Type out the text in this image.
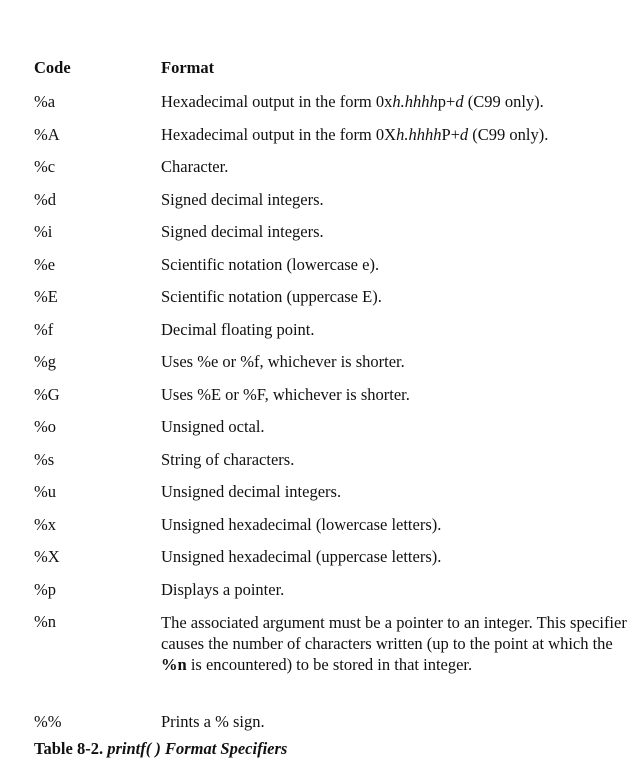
Code	Format
%a	Hexadecimal output in the form 0xh.hhhhp+d (C99 only).
%A	Hexadecimal output in the form 0Xh.hhhhP+d (C99 only).
%c	Character.
%d	Signed decimal integers.
%i	Signed decimal integers.
%e	Scientific notation (lowercase e).
%E	Scientific notation (uppercase E).
%f	Decimal floating point.
%g	Uses %e or %f, whichever is shorter.
%G	Uses %E or %F, whichever is shorter.
%o	Unsigned octal.
%s	String of characters.
%u	Unsigned decimal integers.
%x	Unsigned hexadecimal (lowercase letters).
%X	Unsigned hexadecimal (uppercase letters).
%p	Displays a pointer.
%n	The associated argument must be a pointer to an integer. This specifier causes the number of characters written (up to the point at which the %n is encountered) to be stored in that integer.
%%	Prints a % sign.
Table 8-2. printf( ) Format Specifiers
